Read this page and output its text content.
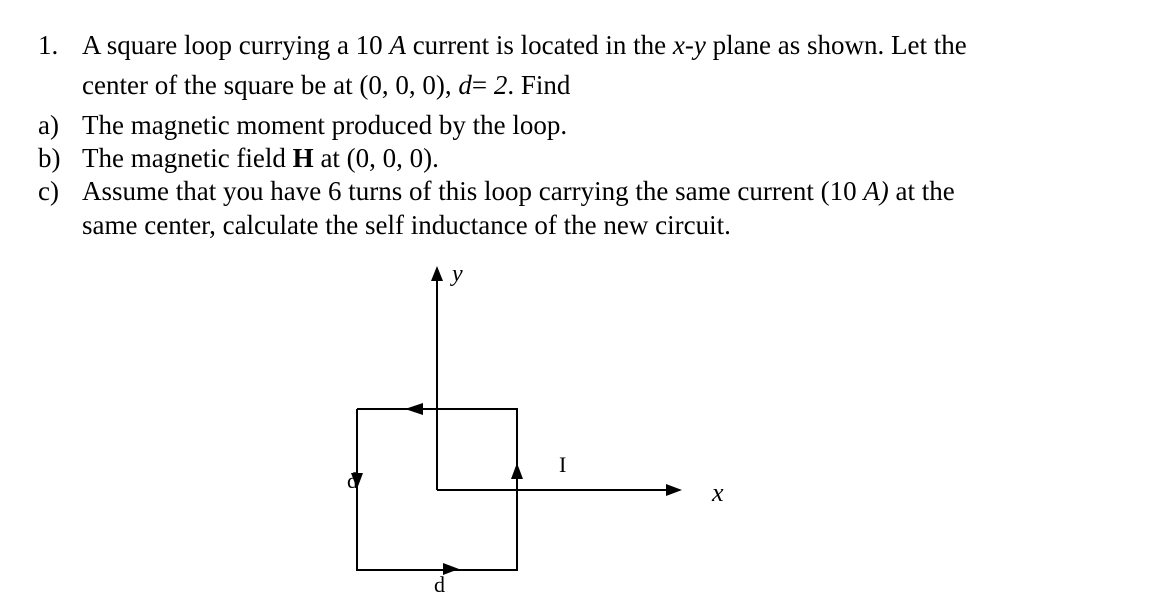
1. A square loop currying a 10 A current is located in the x-y plane as shown. Let the
center of the square be at (0, 0, 0), d= 2. Find
a) The magnetic moment produced by the loop.
b) The magnetic field H at (0, 0, 0).
c) Assume that you have 6 turns of this loop carrying the same current (10 A) at the
same center, calculate the self inductance of the new circuit.
y
x
I
d
d
